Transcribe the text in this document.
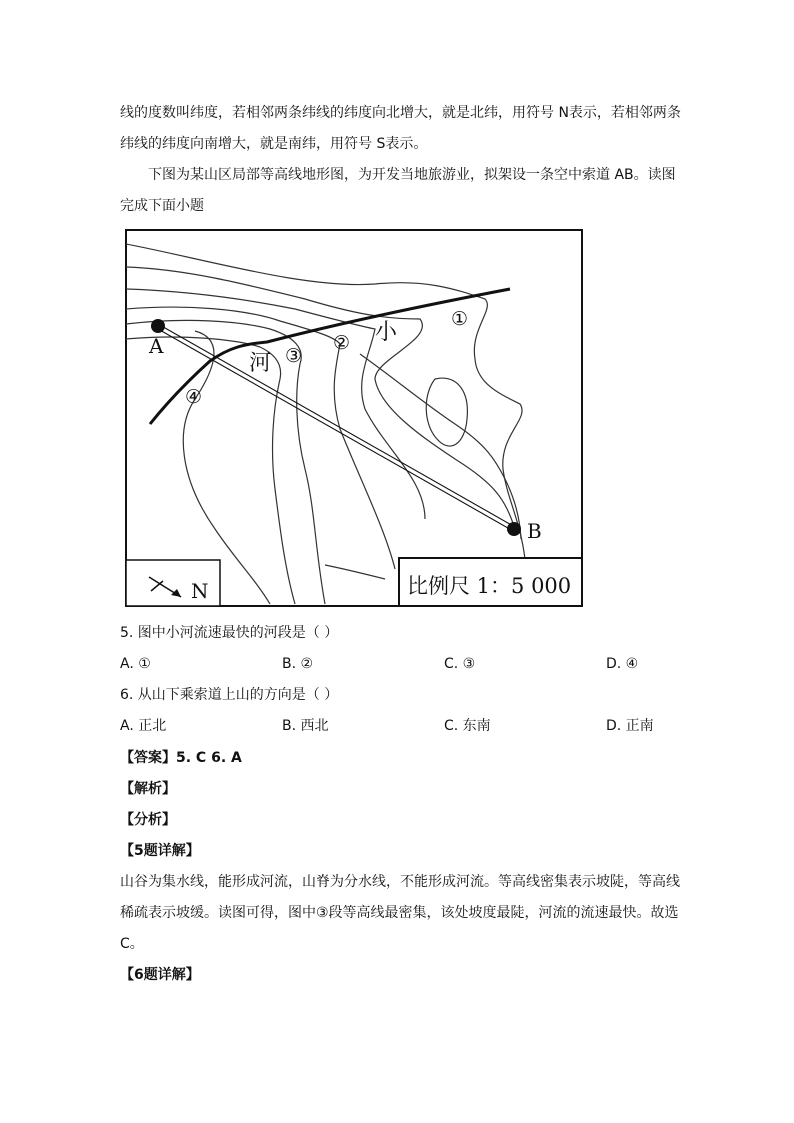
线的度数叫纬度，若相邻两条纬线的纬度向北增大，就是北纬，用符号 N表示，若相邻两条
纬线的纬度向南增大，就是南纬，用符号 S表示。
下图为某山区局部等高线地形图，为开发当地旅游业，拟架设一条空中索道 AB。读图
完成下面小题
A
B
小
河
①
②
③
④
N	比例尺 1：5 000
5. 图中小河流速最快的河段是（ ）
A. ①	B. ②	C. ③	D. ④
6. 从山下乘索道上山的方向是（ ）
A. 正北	B. 西北	C. 东南	D. 正南
【答案】5. C 6. A
【解析】
【分析】
【5题详解】
山谷为集水线，能形成河流，山脊为分水线，不能形成河流。等高线密集表示坡陡，等高线
稀疏表示坡缓。读图可得，图中③段等高线最密集，该处坡度最陡，河流的流速最快。故选
C。
【6题详解】
